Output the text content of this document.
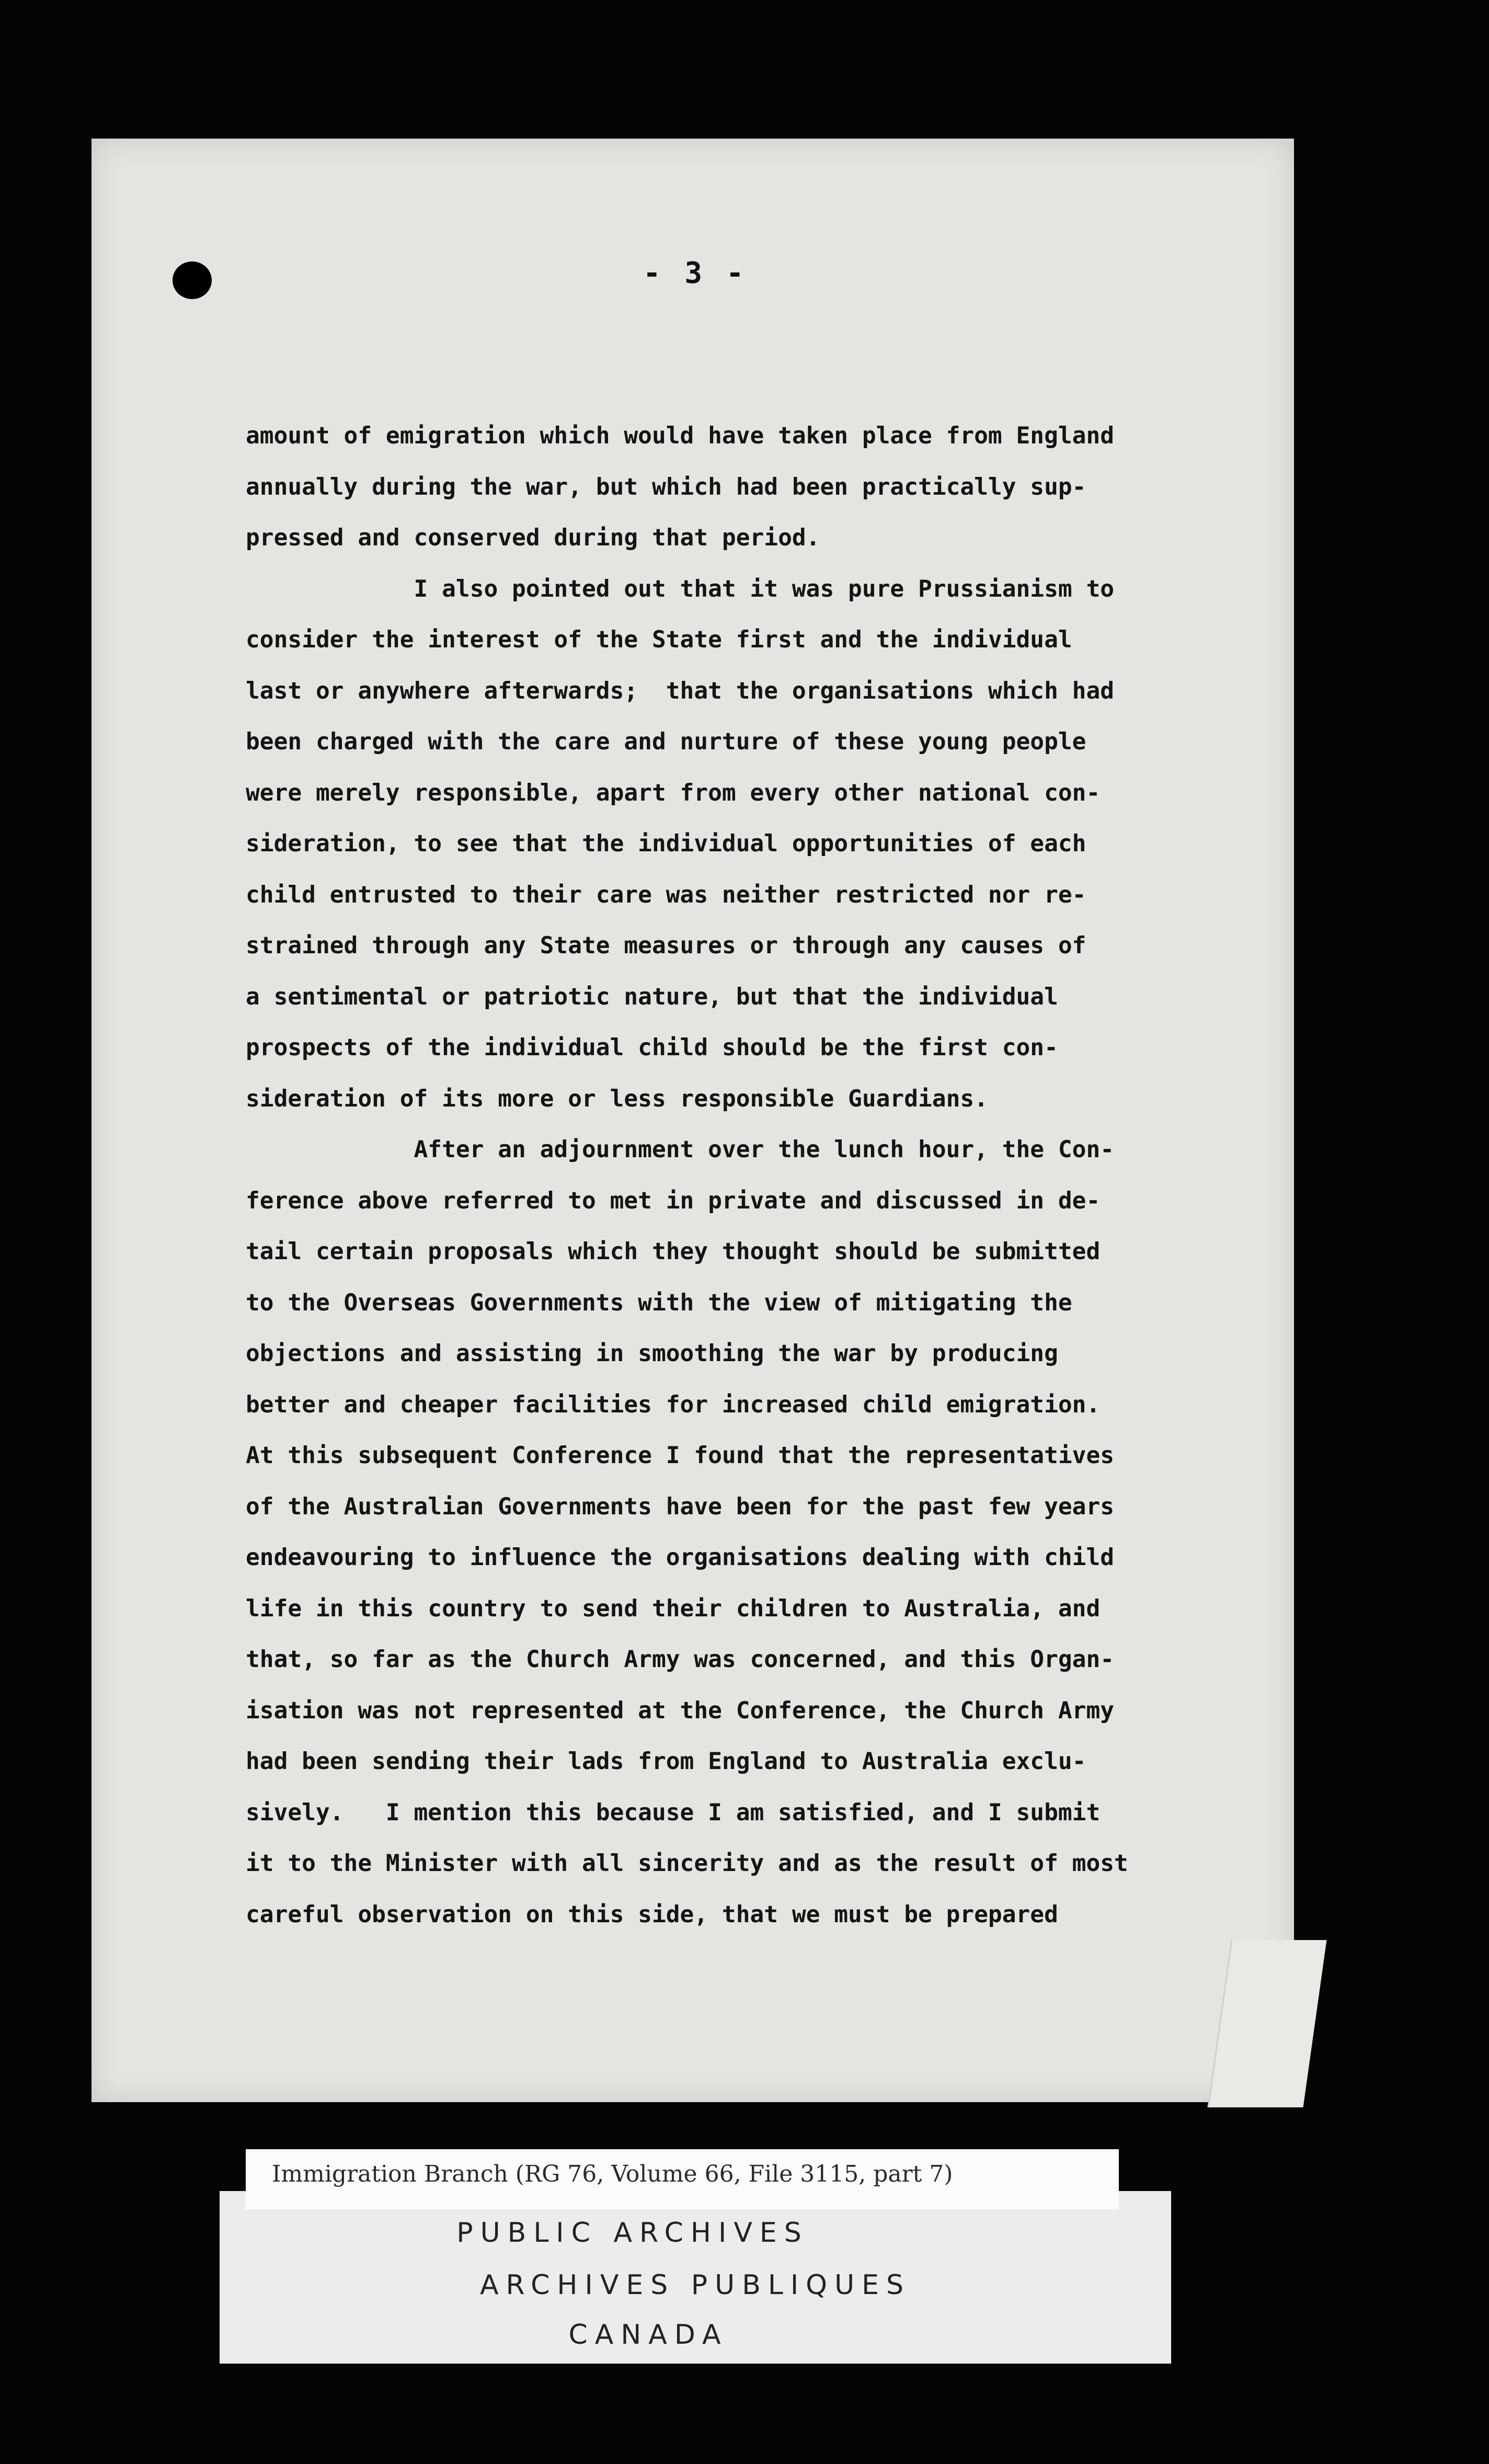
- 3 -
amount of emigration which would have taken place from England
annually during the war, but which had been practically sup-
pressed and conserved during that period.
I also pointed out that it was pure Prussianism to
consider the interest of the State first and the individual
last or anywhere afterwards;  that the organisations which had
been charged with the care and nurture of these young people
were merely responsible, apart from every other national con-
sideration, to see that the individual opportunities of each
child entrusted to their care was neither restricted nor re-
strained through any State measures or through any causes of
a sentimental or patriotic nature, but that the individual
prospects of the individual child should be the first con-
sideration of its more or less responsible Guardians.
After an adjournment over the lunch hour, the Con-
ference above referred to met in private and discussed in de-
tail certain proposals which they thought should be submitted
to the Overseas Governments with the view of mitigating the
objections and assisting in smoothing the war by producing
better and cheaper facilities for increased child emigration.
At this subsequent Conference I found that the representatives
of the Australian Governments have been for the past few years
endeavouring to influence the organisations dealing with child
life in this country to send their children to Australia, and
that, so far as the Church Army was concerned, and this Organ-
isation was not represented at the Conference, the Church Army
had been sending their lads from England to Australia exclu-
sively.   I mention this because I am satisfied, and I submit
it to the Minister with all sincerity and as the result of most
careful observation on this side, that we must be prepared
PUBLIC ARCHIVES
ARCHIVES PUBLIQUES
CANADA
Immigration Branch (RG 76, Volume 66, File 3115, part 7)
